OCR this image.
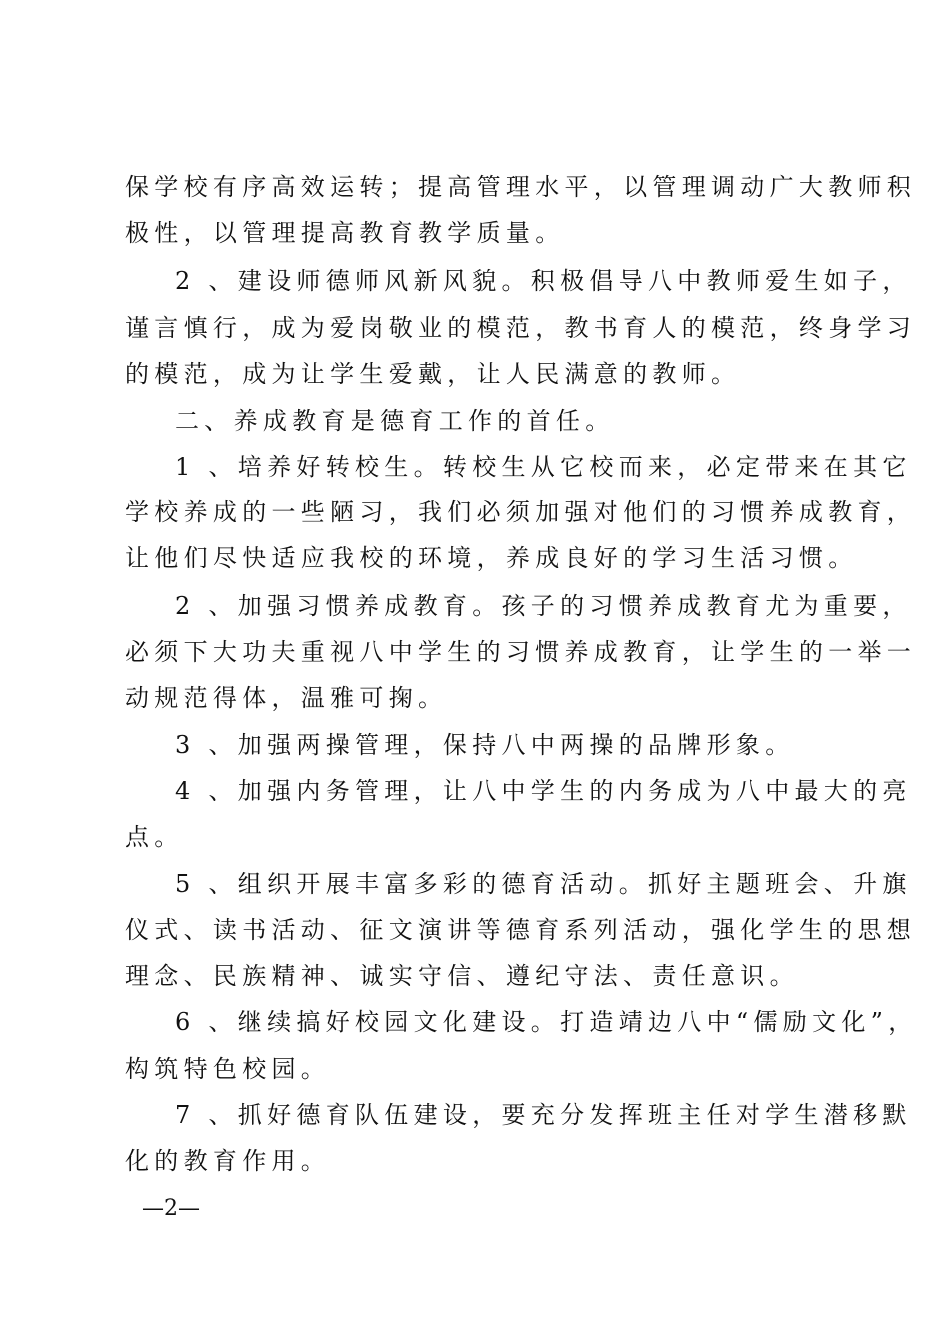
保学校有序高效运转；提高管理水平，以管理调动广大教师积
极性，以管理提高教育教学质量。
2 、建设师德师风新风貌。积极倡导八中教师爱生如子，
谨言慎行，成为爱岗敬业的模范，教书育人的模范，终身学习
的模范，成为让学生爱戴，让人民满意的教师。
二、养成教育是德育工作的首任。
1 、培养好转校生。转校生从它校而来，必定带来在其它
学校养成的一些陋习，我们必须加强对他们的习惯养成教育，
让他们尽快适应我校的环境，养成良好的学习生活习惯。
2 、加强习惯养成教育。孩子的习惯养成教育尤为重要，
必须下大功夫重视八中学生的习惯养成教育，让学生的一举一
动规范得体，温雅可掬。
3 、加强两操管理，保持八中两操的品牌形象。
4 、加强内务管理，让八中学生的内务成为八中最大的亮
点。
5 、组织开展丰富多彩的德育活动。抓好主题班会、升旗
仪式、读书活动、征文演讲等德育系列活动，强化学生的思想
理念、民族精神、诚实守信、遵纪守法、责任意识。
6 、继续搞好校园文化建设。打造靖边八中“儒励文化”，
构筑特色校园。
7 、抓好德育队伍建设，要充分发挥班主任对学生潜移默
化的教育作用。
—2—
